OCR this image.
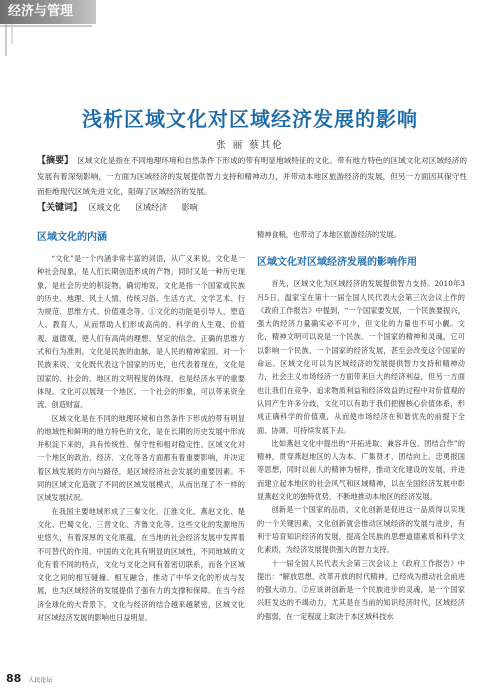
经济与管理
浅析区域文化对区域经济发展的影响
张 丽 蔡其伦
【摘要】 区域文化是指在不同地理环境和自然条件下形成的带有明显地域特征的文化。带有地方特色的区域文化对区域经济的发展有着深刻影响，一方面为区域经济的发展提供智力支持和精神动力，并带动本地区旅游经济的发展，但另一方面因其保守性而拒绝现代区域先进文化，阻碍了区域经济的发展。
【关键词】 区域文化 区域经济 影响
区域文化的内涵

“文化”是一个内涵非常丰富的词语，从广义来说，文化是一种社会现象，是人们长期创造形成的产物，同时又是一种历史现象，是社会历史的积淀物。确切地说，文化是指一个国家或民族的历史、地理、风土人情、传统习俗、生活方式、文学艺术、行为规范、思维方式、价值观念等。①文化的功能是引导人、塑造人、教育人，从而帮助人们形成高尚的、科学的人生观、价值观、道德观，使人们有高尚的理想、坚定的信念、正确的思维方式和行为准则。文化是民族的血脉，是人民的精神家园。对一个民族来说，文化既代表这个国家的历史，也代表着现在，文化是国家的、社会的、地区的文明程度的体现，也是经济水平的重要体现。文化可以展现一个地区、一个社会的形象，可以带来资金流、创造财富。

区域文化是在不同的地理环境和自然条件下形成的带有明显的地域性和鲜明的地方特色的文化，是在长期的历史发展中形成并积淀下来的，具有传统性、保守性和相对稳定性。区域文化对一个地区的政治、经济、文化等各方面都有着重要影响，并决定着区域发展的方向与路径，是区域经济社会发展的重要因素。不同的区域文化造就了不同的区域发展模式，从而出现了不一样的区域发展状况。

在我国主要地域形成了三秦文化、江淮文化、燕赵文化、楚文化、巴蜀文化、三晋文化、齐鲁文化等。这些文化的发源地历史悠久，有着深厚的文化底蕴，在当地的社会经济发展中发挥着不可替代的作用。中国的文化具有明显的区域性，不同地域的文化有着不同的特点，文化与文化之间有着密切联系，而各个区域文化之间的相互碰撞、相互融合，推动了中华文化的形成与发展，也为区域经济的发展提供了强有力的支撑和保障。在当今经济全球化的大背景下，文化与经济的结合越来越紧密，区域文化对区域经济发展的影响也日益明显。

精神食粮，也带动了本地区旅游经济的发展。

区域文化对区域经济发展的影响作用

首先，区域文化为区域经济的发展提供智力支持。2010年3月5日，温家宝在第十一届全国人民代表大会第三次会议上作的《政府工作报告》中提到，“一个国家要发展，一个民族要振兴，强大的经济力量确实必不可少，但文化的力量也不可小觑。文化，精神文明可以说是一个民族、一个国家的精神和灵魂，它可以影响一个民族、一个国家的经济发展，甚至会改变这个国家的命运。区域文化可以为区域经济的发展提供智力支持和精神动力，社会主义市场经济一方面带来巨大的经济利益，但另一方面也让我们在竞争、追求物质利益和经济效益的过程中对价值观的认同产生许多分歧，文化可以有助于我们把握核心价值体系，形成正确科学的价值观，从而使市场经济在和谐优先的前提下全面、协调、可持续发展下去。

比如燕赵文化中提出的“开拓进取、兼容并包、团结合作”的精神，贯穿燕赵地区的人为本、广集贤才、团结向上、忠勇报国等思想，同时以前人的精神为榜样，推动文化建设的发展，并进而建立起本地区的社会风气和区域精神，以在全国经济发展中彰显燕赵文化的独特优势，不断地推动本地区的经济发展。

创新是一个国家的品质，文化创新是促进这一品质得以实现的一个关键因素，文化创新就会推动区域经济的发展与进步，有利于培育知识经济的发展，提高全民族的思想道德素质和科学文化素质，为经济发展提供强大的智力支持。

十一届全国人民代表大会第三次会议上《政府工作报告》中提出：“解放思想、改革开放的时代精神，已经成为推动社会前进的强大动力。②应该讲创新是一个民族进步的灵魂，是一个国家兴旺发达的不竭动力，尤其是在当前的知识经济时代，区域经济的强弱，在一定程度上取决于本区域科技水

88 人民论坛
